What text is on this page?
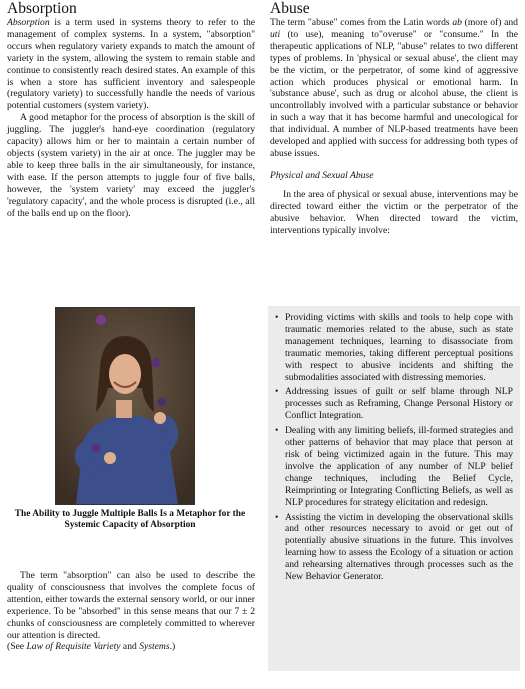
Absorption

Absorption is a term used in systems theory to refer to the management of complex systems. In a system, "absorption" occurs when regulatory variety expands to match the amount of variety in the system, allowing the system to remain stable and continue to consistently reach desired states. An example of this is when a store has sufficient inventory and salespeople (regulatory variety) to successfully handle the needs of various potential customers (system variety).

A good metaphor for the process of absorption is the skill of juggling. The juggler's hand-eye coordination (regulatory capacity) allows him or her to maintain a certain number of objects (system variety) in the air at once. The juggler may be able to keep three balls in the air simultaneously, for instance, with ease. If the person attempts to juggle four of five balls, however, the 'system variety' may exceed the juggler's 'regulatory capacity', and the whole process is disrupted (i.e., all of the balls end up on the floor).

The Ability to Juggle Multiple Balls Is a Metaphor for the Systemic Capacity of Absorption

The term "absorption" can also be used to describe the quality of consciousness that involves the complete focus of attention, either towards the external sensory world, or our inner experience. To be "absorbed" in this sense means that our 7 ± 2 chunks of consciousness are completely committed to wherever our attention is directed.

(See Law of Requisite Variety and Systems.)

Abuse

The term "abuse" comes from the Latin words ab (more of) and uti (to use), meaning to"overuse" or "consume." In the therapeutic applications of NLP, "abuse" relates to two different types of problems. In 'physical or sexual abuse', the client may be the victim, or the perpetrator, of some kind of aggressive action which produces physical or emotional harm. In 'substance abuse', such as drug or alcohol abuse, the client is uncontrollably involved with a particular substance or behavior in such a way that it has become harmful and unecological for that individual. A number of NLP-based treatments have been developed and applied with success for addressing both types of abuse issues.

Physical and Sexual Abuse

In the area of physical or sexual abuse, interventions may be directed toward either the victim or the perpetrator of the abusive behavior. When directed toward the victim, interventions typically involve:

• Providing victims with skills and tools to help cope with traumatic memories related to the abuse, such as state management techniques, learning to disassociate from traumatic memories, taking different perceptual positions with respect to abusive incidents and shifting the submodalities associated with distressing memories.
• Addressing issues of guilt or self blame through NLP processes such as Reframing, Change Personal History or Conflict Integration.
• Dealing with any limiting beliefs, ill-formed strategies and other patterns of behavior that may place that person at risk of being victimized again in the future. This may involve the application of any number of NLP belief change techniques, including the Belief Cycle, Reimprinting or Integrating Conflicting Beliefs, as well as NLP procedures for strategy elicitation and redesign.
• Assisting the victim in developing the observational skills and other resources necessary to avoid or get out of potentially abusive situations in the future. This involves learning how to assess the Ecology of a situation or action and rehearsing alternatives through processes such as the New Behavior Generator.
